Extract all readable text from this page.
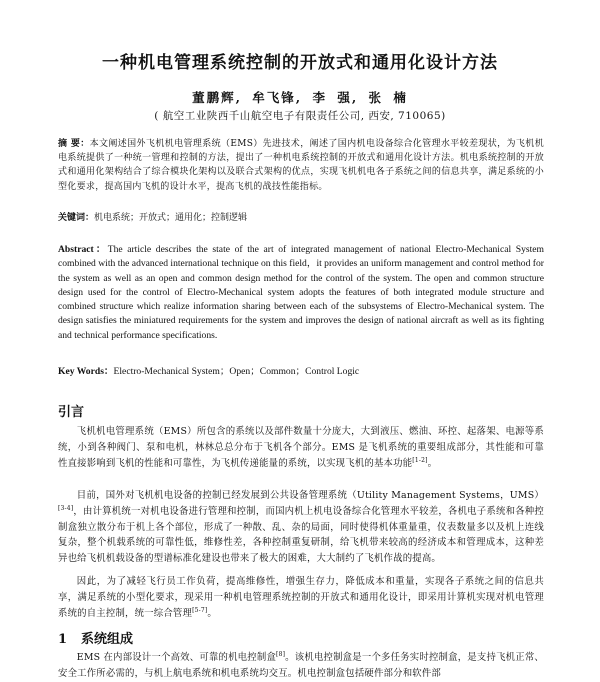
一种机电管理系统控制的开放式和通用化设计方法
董鹏辉, 牟飞锋, 李 强, 张 楠
( 航空工业陕西千山航空电子有限责任公司, 西安, 710065)
摘 要：本文阐述国外飞机机电管理系统（EMS）先进技术，阐述了国内机电设备综合化管理水平较差现状，为飞机机电系统提供了一种统一管理和控制的方法，提出了一种机电系统控制的开放式和通用化设计方法。机电系统控制的开放式和通用化架构结合了综合模块化架构以及联合式架构的优点，实现飞机机电各子系统之间的信息共享，满足系统的小型化要求，提高国内飞机的设计水平，提高飞机的战技性能指标。
关键词：机电系统；开放式；通用化；控制逻辑
Abstract：The article describes the state of the art of integrated management of national Electro-Mechanical System combined with the advanced international technique on this field，it provides an uniform management and control method for the system as well as an open and common design method for the control of the system. The open and common structure design used for the control of Electro-Mechanical system adopts the features of both integrated module structure and combined structure which realize information sharing between each of the subsystems of Electro-Mechanical system. The design satisfies the miniatured requirements for the system and improves the design of national aircraft as well as its fighting and technical performance specifications.
Key Words：Electro-Mechanical System；Open；Common；Control Logic
引言
飞机机电管理系统（EMS）所包含的系统以及部件数量十分庞大，大到液压、燃油、环控、起落架、电源等系统，小到各种阀门、泵和电机，林林总总分布于飞机各个部分。EMS 是飞机系统的重要组成部分，其性能和可靠性直接影响到飞机的性能和可靠性，为飞机传递能量的系统，以实现飞机的基本功能[1-2]。
目前，国外对飞机机电设备的控制已经发展到公共设备管理系统（Utility Management Systems，UMS）[3-4]，由计算机统一对机电设备进行管理和控制，而国内机上机电设备综合化管理水平较差，各机电子系统和各种控制盒独立散分布于机上各个部位，形成了一种散、乱、杂的局面，同时使得机体重量重，仪表数量多以及机上连线复杂，整个机载系统的可靠性低，维修性差，各种控制重复研制，给飞机带来较高的经济成本和管理成本，这种差异也给飞机机载设备的型谱标准化建设也带来了极大的困难，大大制约了飞机作战的提高。
因此，为了减轻飞行员工作负荷，提高维修性，增强生存力，降低成本和重量，实现各子系统之间的信息共享，满足系统的小型化要求，现采用一种机电管理系统控制的开放式和通用化设计，即采用计算机实现对机电管理系统的自主控制，统一综合管理[5-7]。
1 系统组成
EMS 在内部设计一个高效、可靠的机电控制盒[8]。该机电控制盒是一个多任务实时控制盒，是支持飞机正常、安全工作所必需的，与机上航电系统和机电系统均交互。机电控制盒包括硬件部分和软件部
